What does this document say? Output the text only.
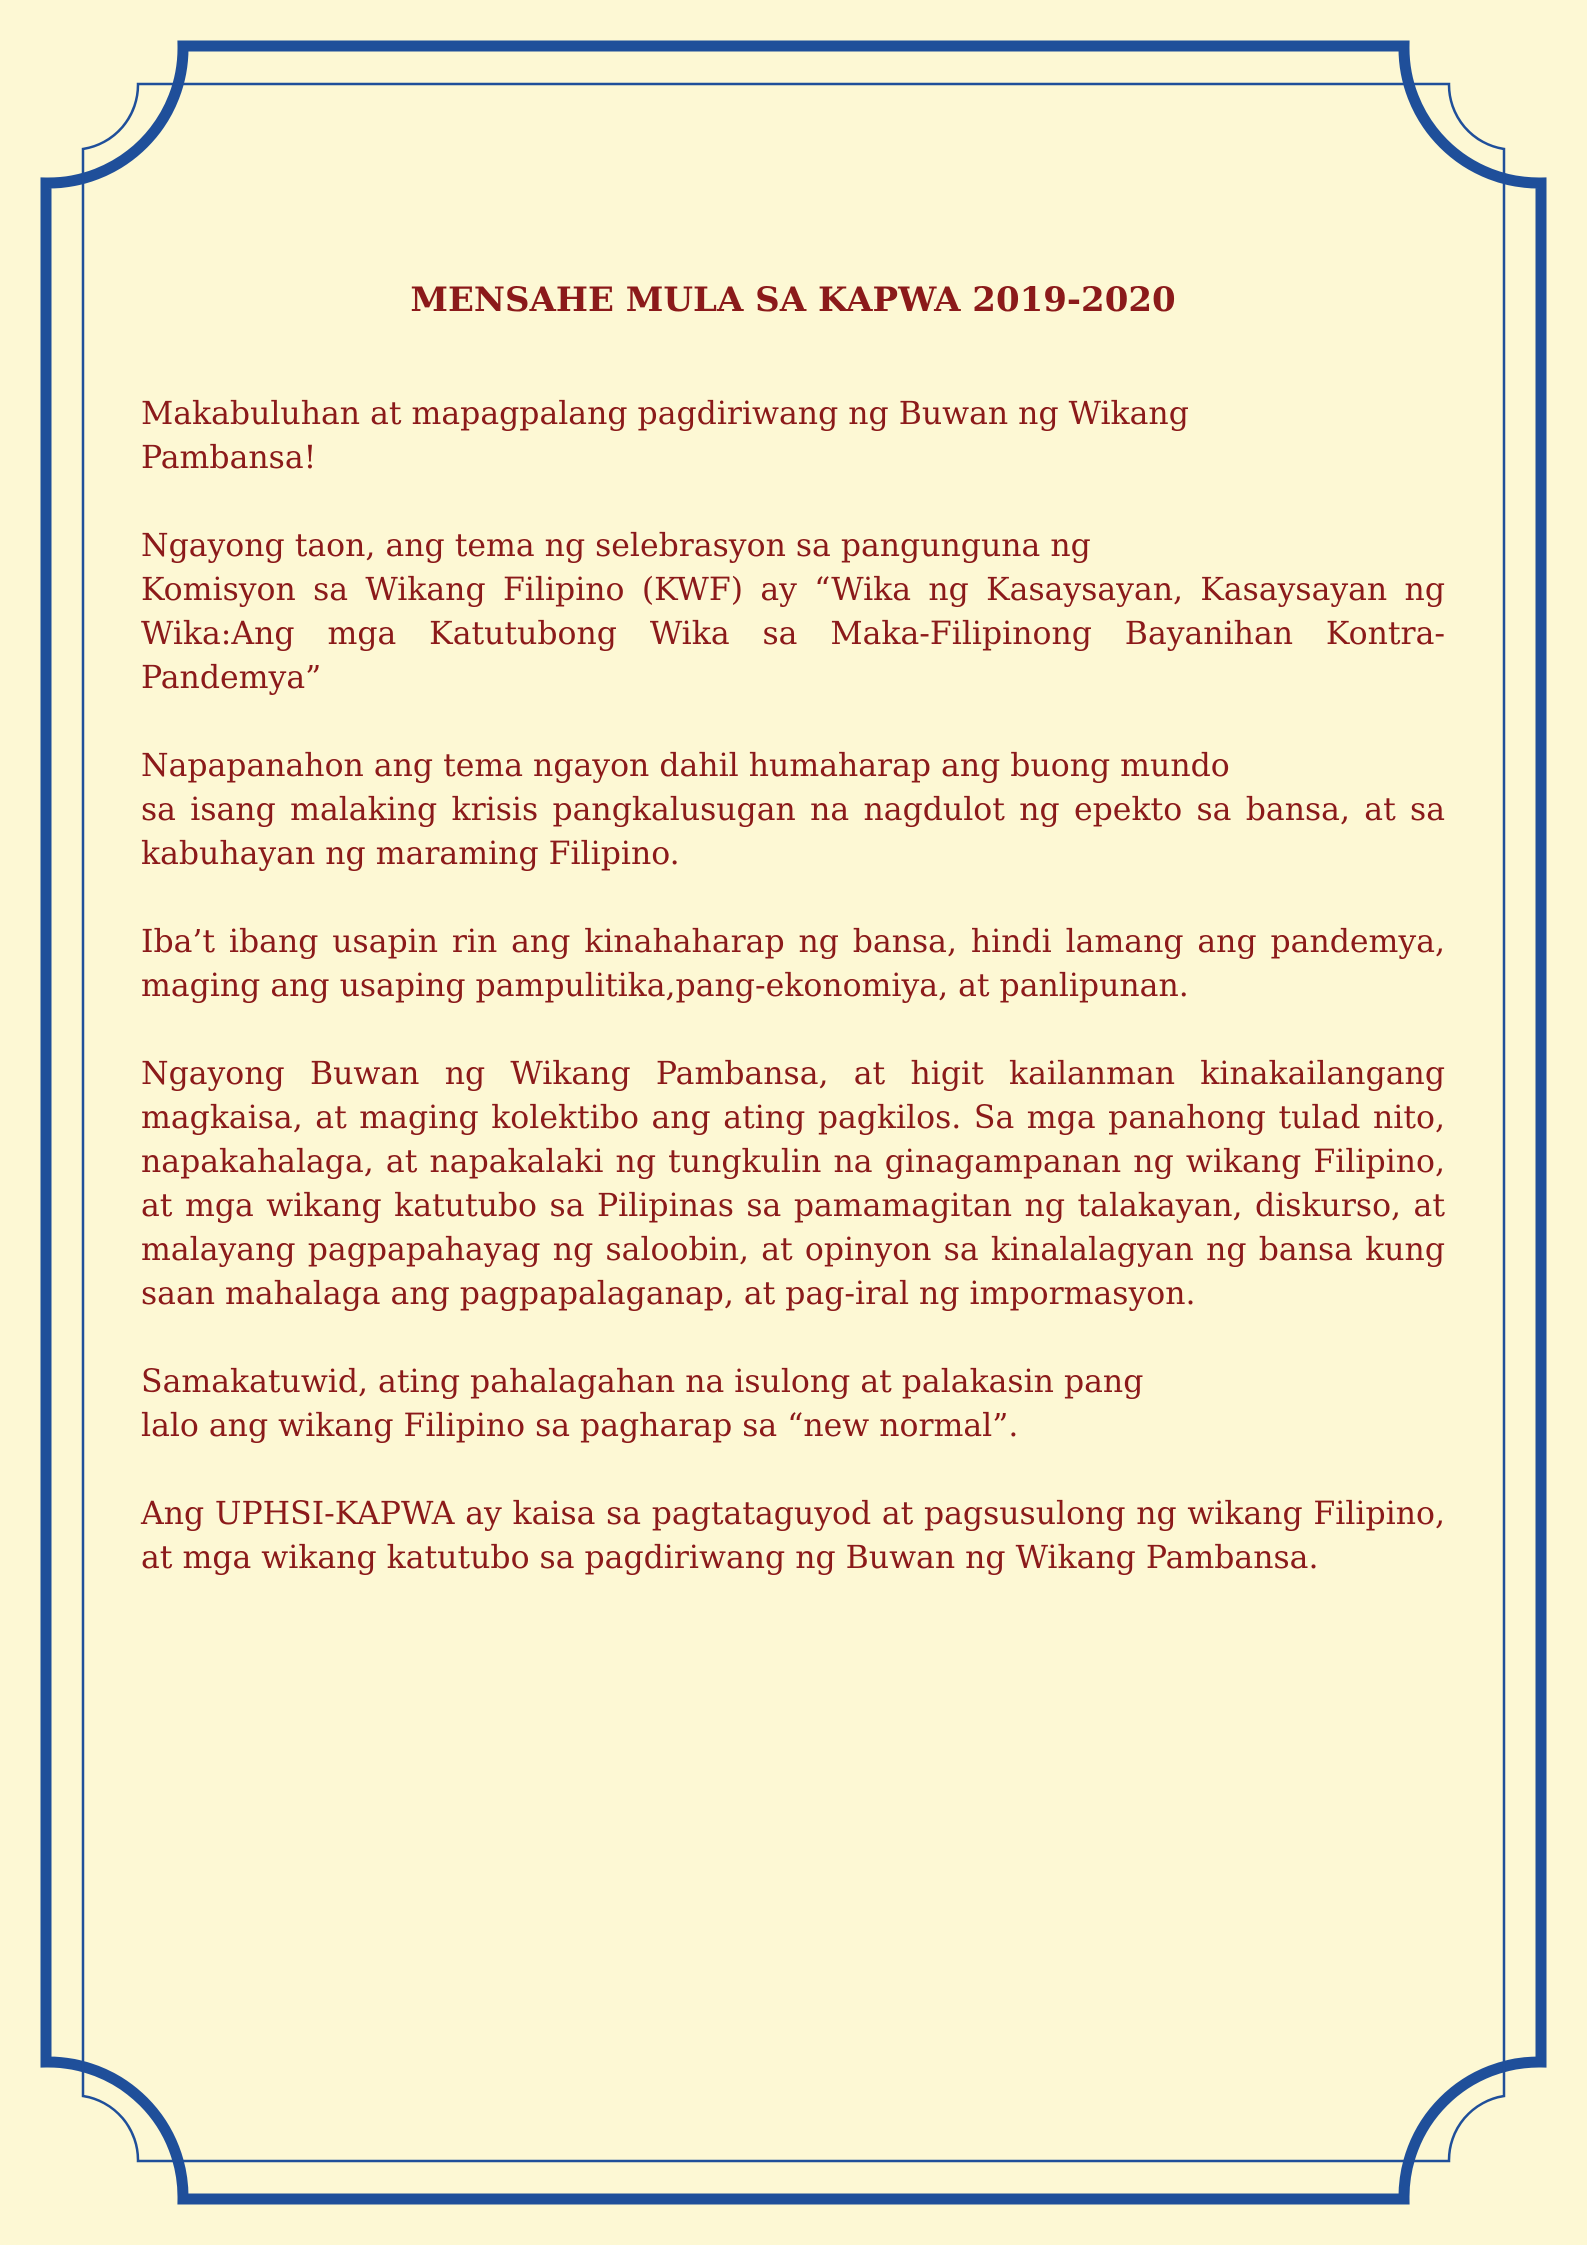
MENSAHE MULA SA KAPWA 2019-2020

Makabuluhan at mapagpalang pagdiriwang ng Buwan ng Wikang
Pambansa!

Ngayong taon, ang tema ng selebrasyon sa pangunguna ng
Komisyon sa Wikang Filipino (KWF) ay “Wika ng Kasaysayan, Kasaysayan ng Wika:Ang mga Katutubong Wika sa Maka-Filipinong Bayanihan Kontra-Pandemya”

Napapanahon ang tema ngayon dahil humaharap ang buong mundo
sa isang malaking krisis pangkalusugan na nagdulot ng epekto sa bansa, at sa kabuhayan ng maraming Filipino.

Iba’t ibang usapin rin ang kinahaharap ng bansa, hindi lamang ang pandemya, maging ang usaping pampulitika,pang-ekonomiya, at panlipunan.

Ngayong Buwan ng Wikang Pambansa, at higit kailanman kinakailangang magkaisa, at maging kolektibo ang ating pagkilos. Sa mga panahong tulad nito, napakahalaga, at napakalaki ng tungkulin na ginagampanan ng wikang Filipino, at mga wikang katutubo sa Pilipinas sa pamamagitan ng talakayan, diskurso, at malayang pagpapahayag ng saloobin, at opinyon sa kinalalagyan ng bansa kung saan mahalaga ang pagpapalaganap, at pag-iral ng impormasyon.

Samakatuwid, ating pahalagahan na isulong at palakasin pang
lalo ang wikang Filipino sa pagharap sa “new normal”.

Ang UPHSI-KAPWA ay kaisa sa pagtataguyod at pagsusulong ng wikang Filipino, at mga wikang katutubo sa pagdiriwang ng Buwan ng Wikang Pambansa.
